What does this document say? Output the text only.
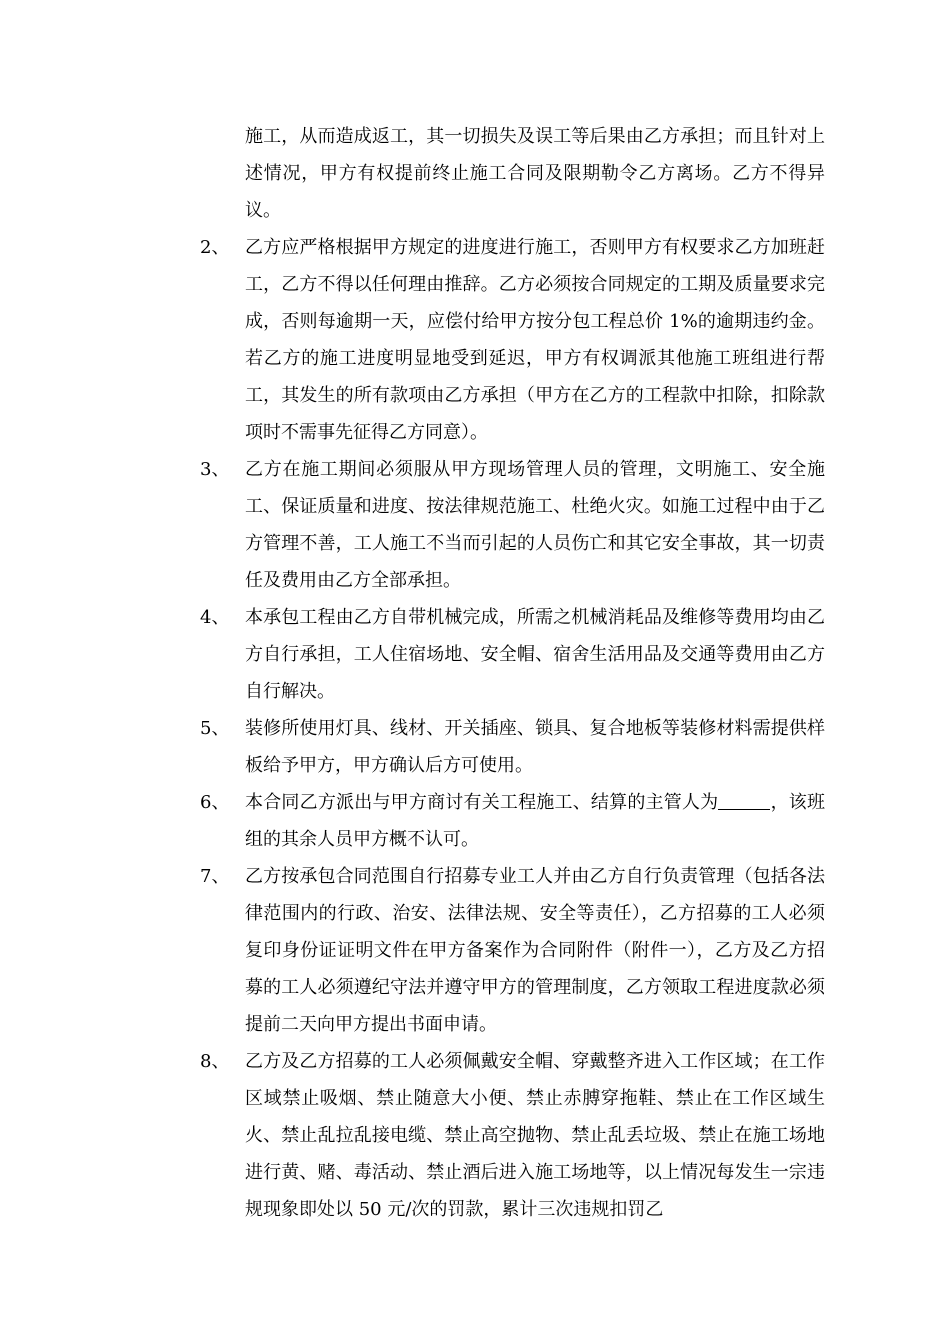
施工，从而造成返工，其一切损失及误工等后果由乙方承担；而且针对上述情况，甲方有权提前终止施工合同及限期勒令乙方离场。乙方不得异议。
2、 乙方应严格根据甲方规定的进度进行施工，否则甲方有权要求乙方加班赶工，乙方不得以任何理由推辞。乙方必须按合同规定的工期及质量要求完成，否则每逾期一天，应偿付给甲方按分包工程总价 1%的逾期违约金。若乙方的施工进度明显地受到延迟，甲方有权调派其他施工班组进行帮工，其发生的所有款项由乙方承担（甲方在乙方的工程款中扣除，扣除款项时不需事先征得乙方同意）。
3、 乙方在施工期间必须服从甲方现场管理人员的管理，文明施工、安全施工、保证质量和进度、按法律规范施工、杜绝火灾。如施工过程中由于乙方管理不善，工人施工不当而引起的人员伤亡和其它安全事故，其一切责任及费用由乙方全部承担。
4、 本承包工程由乙方自带机械完成，所需之机械消耗品及维修等费用均由乙方自行承担，工人住宿场地、安全帽、宿舍生活用品及交通等费用由乙方自行解决。
5、 装修所使用灯具、线材、开关插座、锁具、复合地板等装修材料需提供样板给予甲方，甲方确认后方可使用。
6、 本合同乙方派出与甲方商讨有关工程施工、结算的主管人为	，该班组的其余人员甲方概不认可。
7、 乙方按承包合同范围自行招募专业工人并由乙方自行负责管理（包括各法律范围内的行政、治安、法律法规、安全等责任），乙方招募的工人必须复印身份证证明文件在甲方备案作为合同附件（附件一），乙方及乙方招募的工人必须遵纪守法并遵守甲方的管理制度，乙方领取工程进度款必须提前二天向甲方提出书面申请。
8、 乙方及乙方招募的工人必须佩戴安全帽、穿戴整齐进入工作区域；在工作区域禁止吸烟、禁止随意大小便、禁止赤膊穿拖鞋、禁止在工作区域生火、禁止乱拉乱接电缆、禁止高空抛物、禁止乱丢垃圾、禁止在施工场地进行黄、赌、毒活动、禁止酒后进入施工场地等，以上情况每发生一宗违规现象即处以 50 元/次的罚款，累计三次违规扣罚乙
